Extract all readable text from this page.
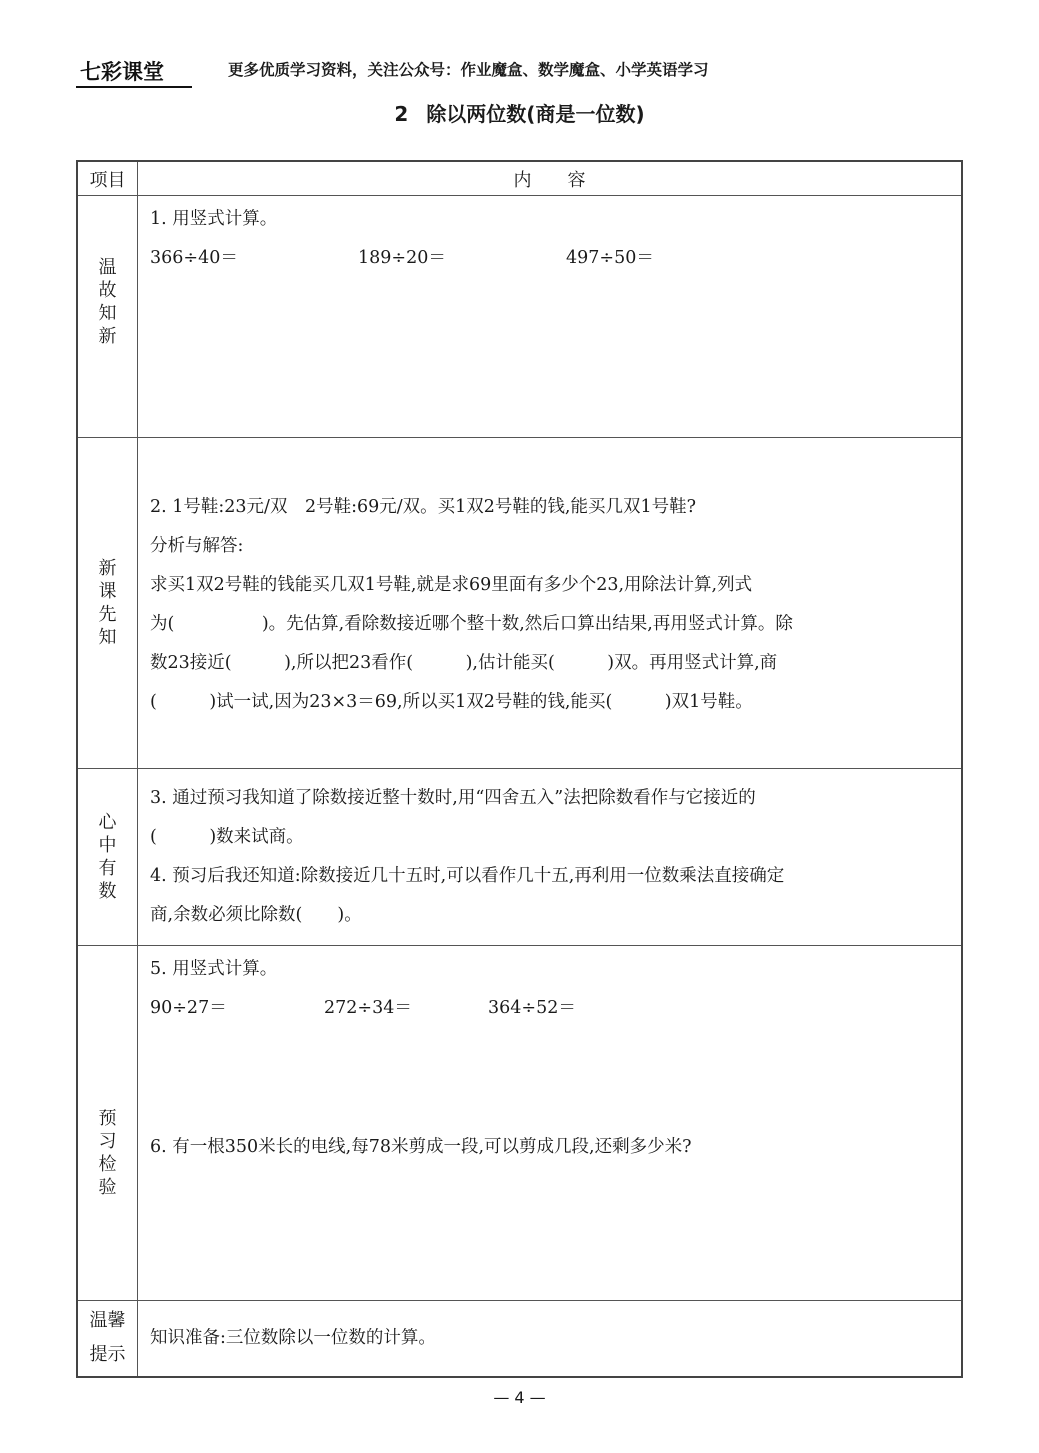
七彩课堂	更多优质学习资料，关注公众号：作业魔盒、数学魔盒、小学英语学习
2 除以两位数(商是一位数)
项目	内　　容

温故知新	1. 用竖式计算。
366÷40＝ 189÷20＝ 497÷50＝

新课先知

2. 1号鞋:23元/双　2号鞋:69元/双。买1双2号鞋的钱,能买几双1号鞋?
分析与解答:
求买1双2号鞋的钱能买几双1号鞋,就是求69里面有多少个23,用除法计算,列式
为(　　　　　)。先估算,看除数接近哪个整十数,然后口算出结果,再用竖式计算。除
数23接近(　　　),所以把23看作(　　　),估计能买(　　　)双。再用竖式计算,商
(　　　)试一试,因为23×3＝69,所以买1双2号鞋的钱,能买(　　　)双1号鞋。

心中有数	3. 通过预习我知道了除数接近整十数时,用“四舍五入”法把除数看作与它接近的
(　　　)数来试商。
4. 预习后我还知道:除数接近几十五时,可以看作几十五,再利用一位数乘法直接确定
商,余数必须比除数(　　)。

预习检验	5. 用竖式计算。
90÷27＝ 272÷34＝ 364÷52＝
6. 有一根350米长的电线,每78米剪成一段,可以剪成几段,还剩多少米?

温馨
提示	知识准备:三位数除以一位数的计算。
— 4 —
